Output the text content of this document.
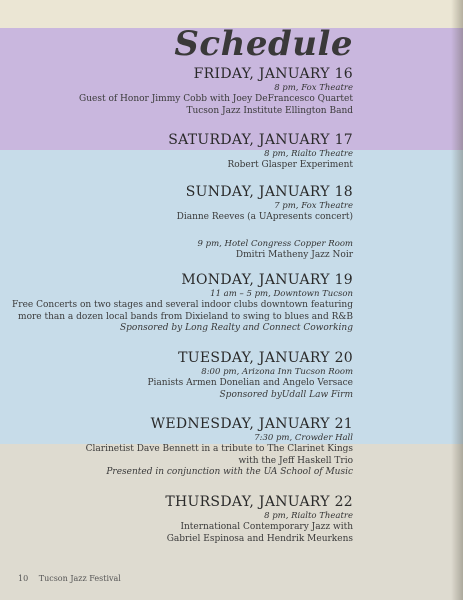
Schedule
FRIDAY, JANUARY 16
8 pm, Fox Theatre
Guest of Honor Jimmy Cobb with Joey DeFrancesco Quartet
Tucson Jazz Institute Ellington Band
SATURDAY, JANUARY 17
8 pm, Rialto Theatre
Robert Glasper Experiment
SUNDAY, JANUARY 18
7 pm, Fox Theatre
Dianne Reeves (a UApresents concert)
9 pm, Hotel Congress Copper Room
Dmitri Matheny Jazz Noir
MONDAY, JANUARY 19
11 am – 5 pm, Downtown Tucson
Free Concerts on two stages and several indoor clubs downtown featuring
more than a dozen local bands from Dixieland to swing to blues and R&B
Sponsored by Long Realty and Connect Coworking
TUESDAY, JANUARY 20
8:00 pm, Arizona Inn Tucson Room
Pianists Armen Donelian and Angelo Versace
Sponsored byUdall Law Firm
WEDNESDAY, JANUARY 21
7:30 pm, Crowder Hall
Clarinetist Dave Bennett in a tribute to The Clarinet Kings
with the Jeff Haskell Trio
Presented in conjunction with the UA School of Music
THURSDAY, JANUARY 22
8 pm, Rialto Theatre
International Contemporary Jazz with
Gabriel Espinosa and Hendrik Meurkens
10 Tucson Jazz Festival
